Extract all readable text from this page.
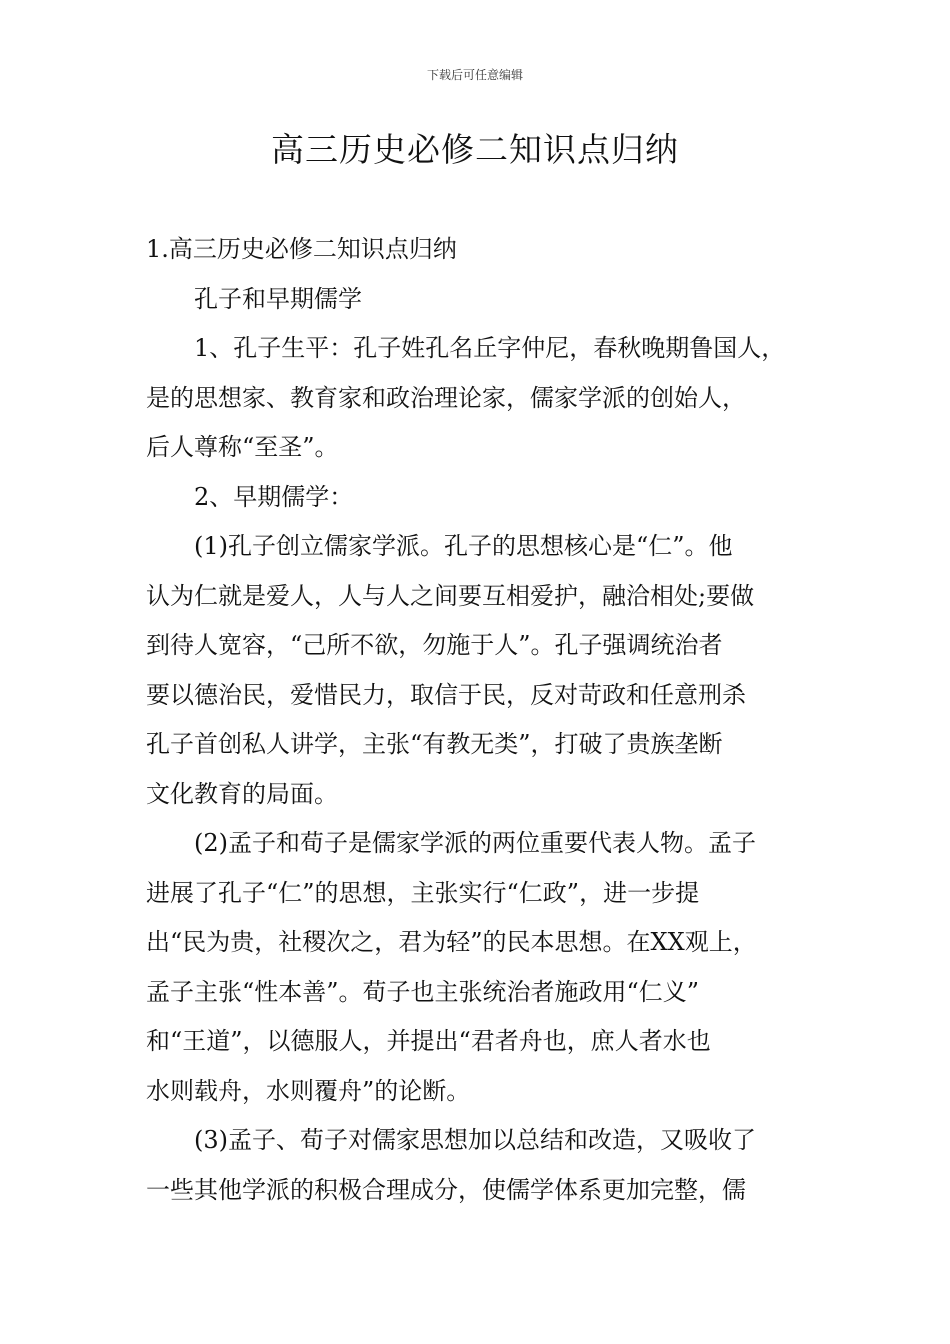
下载后可任意编辑
高三历史必修二知识点归纳

1.高三历史必修二知识点归纳

孔子和早期儒学

1、孔子生平：孔子姓孔名丘字仲尼，春秋晚期鲁国人，

是的思想家、教育家和政治理论家，儒家学派的创始人，

后人尊称“至圣”。

2、早期儒学：

(1)孔子创立儒家学派。孔子的思想核心是“仁”。他

认为仁就是爱人，人与人之间要互相爱护，融洽相处;要做

到待人宽容，“己所不欲，勿施于人”。孔子强调统治者

要以德治民，爱惜民力，取信于民，反对苛政和任意刑杀

孔子首创私人讲学，主张“有教无类”，打破了贵族垄断

文化教育的局面。

(2)孟子和荀子是儒家学派的两位重要代表人物。孟子

进展了孔子“仁”的思想，主张实行“仁政”，进一步提

出“民为贵，社稷次之，君为轻”的民本思想。在XX观上，

孟子主张“性本善”。荀子也主张统治者施政用“仁义”

和“王道”，以德服人，并提出“君者舟也，庶人者水也

水则载舟，水则覆舟”的论断。

(3)孟子、荀子对儒家思想加以总结和改造，又吸收了

一些其他学派的积极合理成分，使儒学体系更加完整，儒
